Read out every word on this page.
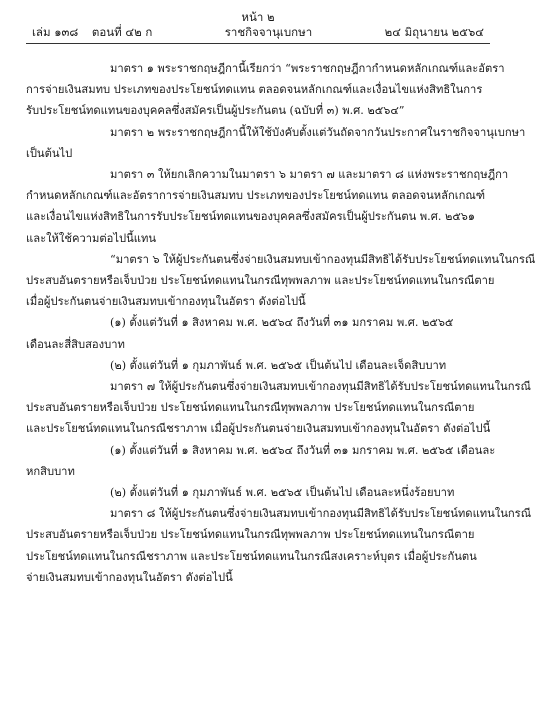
หน้า ๒
เล่ม ๑๓๘ ตอนที่ ๔๒ ก	ราชกิจจานุเบกษา	๒๔ มิถุนายน ๒๕๖๔
มาตรา ๑ พระราชกฤษฎีกานี้เรียกว่า “พระราชกฤษฎีกากำหนดหลักเกณฑ์และอัตรา
การจ่ายเงินสมทบ ประเภทของประโยชน์ทดแทน ตลอดจนหลักเกณฑ์และเงื่อนไขแห่งสิทธิในการ
รับประโยชน์ทดแทนของบุคคลซึ่งสมัครเป็นผู้ประกันตน (ฉบับที่ ๓) พ.ศ. ๒๕๖๔”
มาตรา ๒ พระราชกฤษฎีกานี้ให้ใช้บังคับตั้งแต่วันถัดจากวันประกาศในราชกิจจานุเบกษา
เป็นต้นไป
มาตรา ๓ ให้ยกเลิกความในมาตรา ๖ มาตรา ๗ และมาตรา ๘ แห่งพระราชกฤษฎีกา
กำหนดหลักเกณฑ์และอัตราการจ่ายเงินสมทบ ประเภทของประโยชน์ทดแทน ตลอดจนหลักเกณฑ์
และเงื่อนไขแห่งสิทธิในการรับประโยชน์ทดแทนของบุคคลซึ่งสมัครเป็นผู้ประกันตน พ.ศ. ๒๕๖๑
และให้ใช้ความต่อไปนี้แทน
“มาตรา ๖ ให้ผู้ประกันตนซึ่งจ่ายเงินสมทบเข้ากองทุนมีสิทธิได้รับประโยชน์ทดแทนในกรณี
ประสบอันตรายหรือเจ็บป่วย ประโยชน์ทดแทนในกรณีทุพพลภาพ และประโยชน์ทดแทนในกรณีตาย
เมื่อผู้ประกันตนจ่ายเงินสมทบเข้ากองทุนในอัตรา ดังต่อไปนี้
(๑) ตั้งแต่วันที่ ๑ สิงหาคม พ.ศ. ๒๕๖๔ ถึงวันที่ ๓๑ มกราคม พ.ศ. ๒๕๖๕
เดือนละสี่สิบสองบาท
(๒) ตั้งแต่วันที่ ๑ กุมภาพันธ์ พ.ศ. ๒๕๖๕ เป็นต้นไป เดือนละเจ็ดสิบบาท
มาตรา ๗ ให้ผู้ประกันตนซึ่งจ่ายเงินสมทบเข้ากองทุนมีสิทธิได้รับประโยชน์ทดแทนในกรณี
ประสบอันตรายหรือเจ็บป่วย ประโยชน์ทดแทนในกรณีทุพพลภาพ ประโยชน์ทดแทนในกรณีตาย
และประโยชน์ทดแทนในกรณีชราภาพ เมื่อผู้ประกันตนจ่ายเงินสมทบเข้ากองทุนในอัตรา ดังต่อไปนี้
(๑) ตั้งแต่วันที่ ๑ สิงหาคม พ.ศ. ๒๕๖๔ ถึงวันที่ ๓๑ มกราคม พ.ศ. ๒๕๖๕ เดือนละ
หกสิบบาท
(๒) ตั้งแต่วันที่ ๑ กุมภาพันธ์ พ.ศ. ๒๕๖๕ เป็นต้นไป เดือนละหนึ่งร้อยบาท
มาตรา ๘ ให้ผู้ประกันตนซึ่งจ่ายเงินสมทบเข้ากองทุนมีสิทธิได้รับประโยชน์ทดแทนในกรณี
ประสบอันตรายหรือเจ็บป่วย ประโยชน์ทดแทนในกรณีทุพพลภาพ ประโยชน์ทดแทนในกรณีตาย
ประโยชน์ทดแทนในกรณีชราภาพ และประโยชน์ทดแทนในกรณีสงเคราะห์บุตร เมื่อผู้ประกันตน
จ่ายเงินสมทบเข้ากองทุนในอัตรา ดังต่อไปนี้
